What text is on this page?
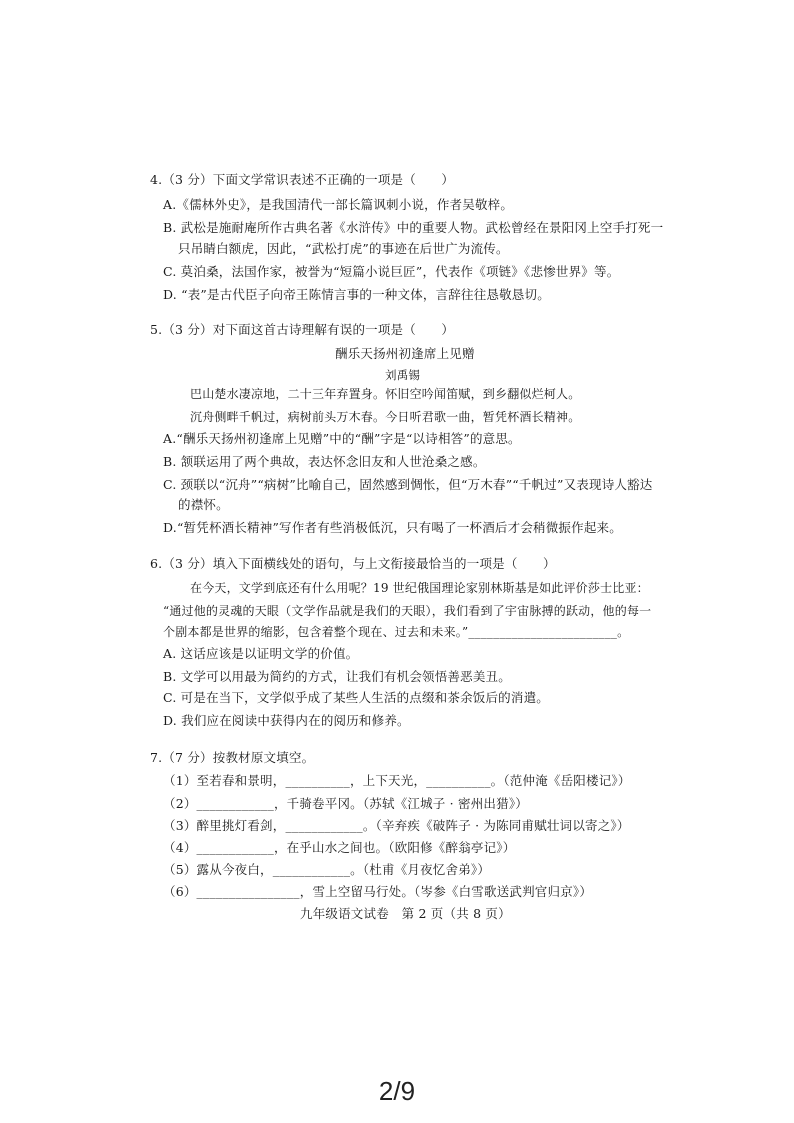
4.（3 分）下面文学常识表述不正确的一项是（　　）
A.《儒林外史》，是我国清代一部长篇讽刺小说，作者吴敬梓。
B. 武松是施耐庵所作古典名著《水浒传》中的重要人物。武松曾经在景阳冈上空手打死一
只吊睛白额虎，因此，“武松打虎”的事迹在后世广为流传。
C. 莫泊桑，法国作家，被誉为“短篇小说巨匠”，代表作《项链》《悲惨世界》等。
D. “表”是古代臣子向帝王陈情言事的一种文体，言辞往往恳敬恳切。
5.（3 分）对下面这首古诗理解有误的一项是（　　）
酬乐天扬州初逢席上见赠
刘禹锡
巴山楚水凄凉地，二十三年弃置身。怀旧空吟闻笛赋，到乡翻似烂柯人。
沉舟侧畔千帆过，病树前头万木春。今日听君歌一曲，暂凭杯酒长精神。
A.“酬乐天扬州初逢席上见赠”中的“酬”字是“以诗相答”的意思。
B. 颔联运用了两个典故，表达怀念旧友和人世沧桑之感。
C. 颈联以“沉舟”“病树”比喻自己，固然感到惆怅，但“万木春”“千帆过”又表现诗人豁达
的襟怀。
D.“暂凭杯酒长精神”写作者有些消极低沉，只有喝了一杯酒后才会稍微振作起来。
6.（3 分）填入下面横线处的语句，与上文衔接最恰当的一项是（　　）
在今天，文学到底还有什么用呢？19 世纪俄国理论家别林斯基是如此评价莎士比亚：
“通过他的灵魂的天眼（文学作品就是我们的天眼），我们看到了宇宙脉搏的跃动，他的每一
个剧本都是世界的缩影，包含着整个现在、过去和未来。”________________________。
A. 这话应该是以证明文学的价值。
B. 文学可以用最为简约的方式，让我们有机会领悟善恶美丑。
C. 可是在当下，文学似乎成了某些人生活的点缀和茶余饭后的消遣。
D. 我们应在阅读中获得内在的阅历和修养。
7.（7 分）按教材原文填空。
（1）至若春和景明，__________，上下天光，__________。（范仲淹《岳阳楼记》）
（2）____________，千骑卷平冈。（苏轼《江城子 · 密州出猎》）
（3）醉里挑灯看剑，____________。（辛弃疾《破阵子 · 为陈同甫赋壮词以寄之》）
（4）____________，在乎山水之间也。（欧阳修《醉翁亭记》）
（5）露从今夜白，____________。（杜甫《月夜忆舍弟》）
（6）________________，雪上空留马行处。（岑参《白雪歌送武判官归京》）
九年级语文试卷　第 2 页（共 8 页）
2/9
